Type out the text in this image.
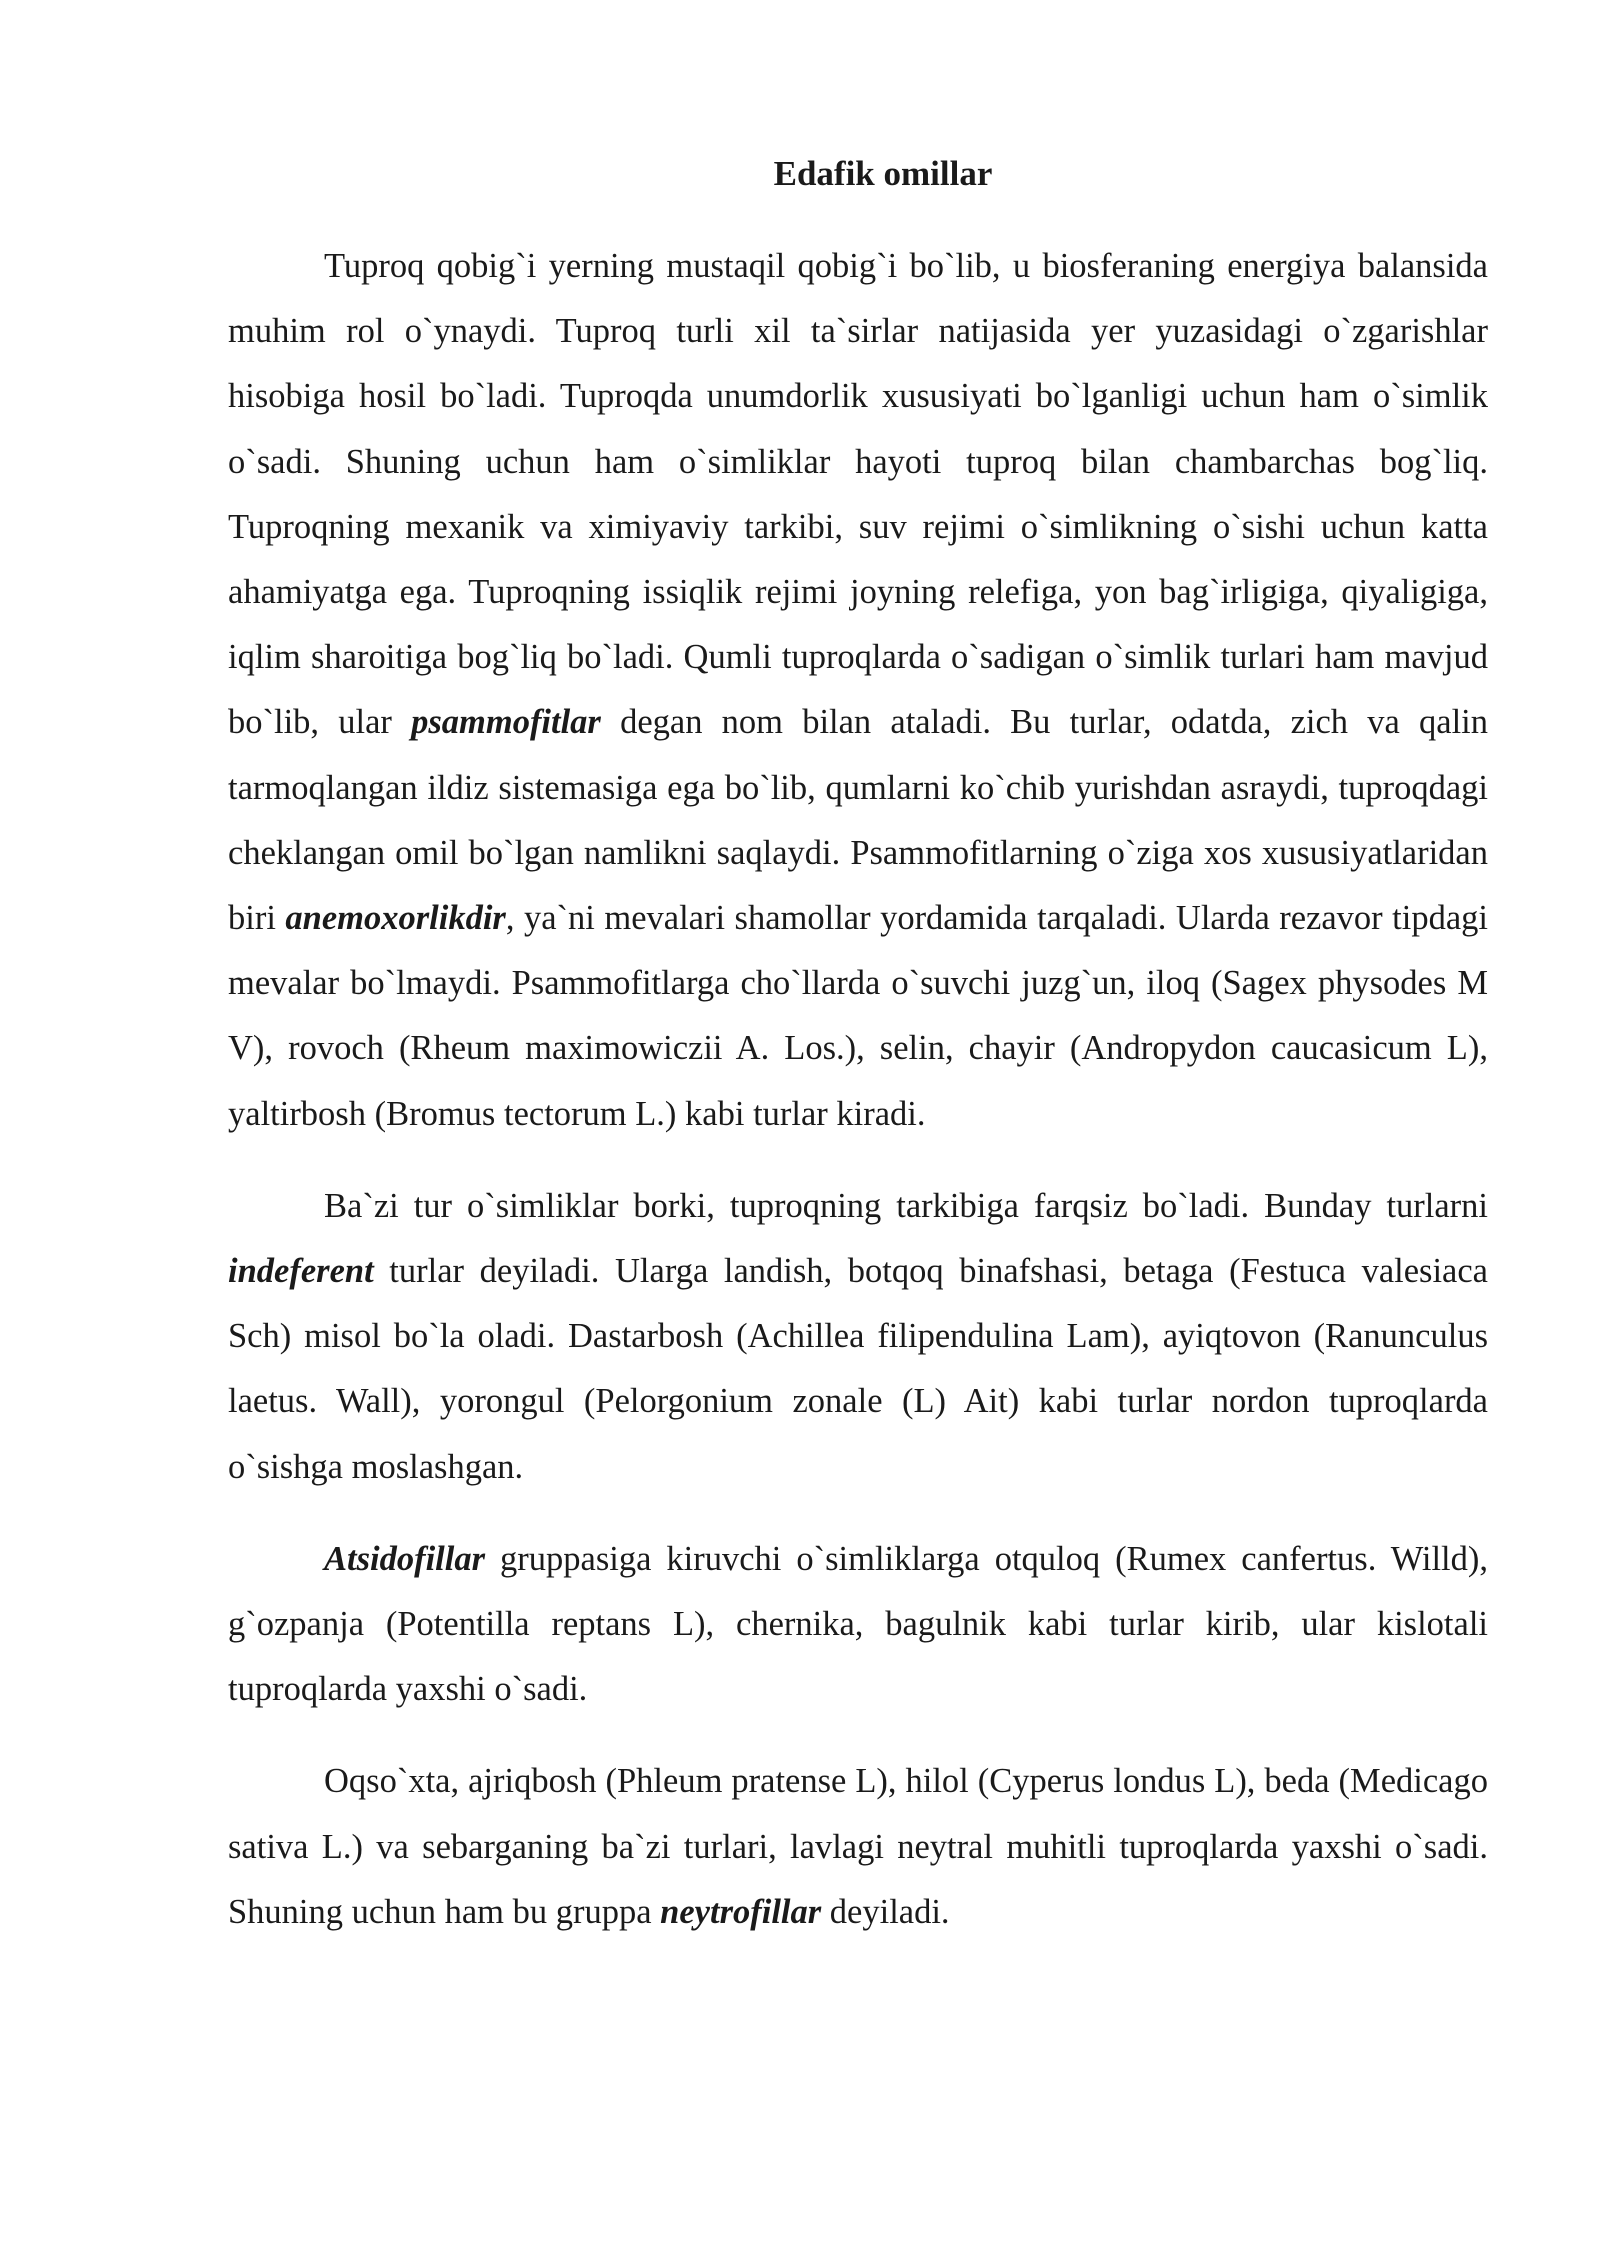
Edafik omillar

Tuproq qobig`i yerning mustaqil qobig`i bo`lib, u biosferaning energiya balansida muhim rol o`ynaydi. Tuproq turli xil ta`sirlar natijasida yer yuzasidagi o`zgarishlar hisobiga hosil bo`ladi. Tuproqda unumdorlik xususiyati bo`lganligi uchun ham o`simlik o`sadi. Shuning uchun ham o`simliklar hayoti tuproq bilan chambarchas bog`liq. Tuproqning mexanik va ximiyaviy tarkibi, suv rejimi o`simlikning o`sishi uchun katta ahamiyatga ega. Tuproqning issiqlik rejimi joyning relefiga, yon bag`irligiga, qiyaligiga, iqlim sharoitiga bog`liq bo`ladi. Qumli tuproqlarda o`sadigan o`simlik turlari ham mavjud bo`lib, ular psammofitlar degan nom bilan ataladi. Bu turlar, odatda, zich va qalin tarmoqlangan ildiz sistemasiga ega bo`lib, qumlarni ko`chib yurishdan asraydi, tuproqdagi cheklangan omil bo`lgan namlikni saqlaydi. Psammofitlarning o`ziga xos xususiyatlaridan biri anemoxorlikdir, ya`ni mevalari shamollar yordamida tarqaladi. Ularda rezavor tipdagi mevalar bo`lmaydi. Psammofitlarga cho`llarda o`suvchi juzg`un, iloq (Sagex physodes M V), rovoch (Rheum maximowiczii A. Los.), selin, chayir (Andropydon caucasicum L), yaltirbosh (Bromus tectorum L.) kabi turlar kiradi.

Ba`zi tur o`simliklar borki, tuproqning tarkibiga farqsiz bo`ladi. Bunday turlarni indeferent turlar deyiladi. Ularga landish, botqoq binafshasi, betaga (Festuca valesiaca Sch) misol bo`la oladi. Dastarbosh (Achillea filipendulina Lam), ayiqtovon (Ranunculus laetus. Wall), yorongul (Pelorgonium zonale (L) Ait) kabi turlar nordon tuproqlarda o`sishga moslashgan.

Atsidofillar gruppasiga kiruvchi o`simliklarga otquloq (Rumex canfertus. Willd), g`ozpanja (Potentilla reptans L), chernika, bagulnik kabi turlar kirib, ular kislotali tuproqlarda yaxshi o`sadi.

Oqso`xta, ajriqbosh (Phleum pratense L), hilol (Cyperus londus L), beda (Medicago sativa L.) va sebarganing ba`zi turlari, lavlagi neytral muhitli tuproqlarda yaxshi o`sadi. Shuning uchun ham bu gruppa neytrofillar deyiladi.
